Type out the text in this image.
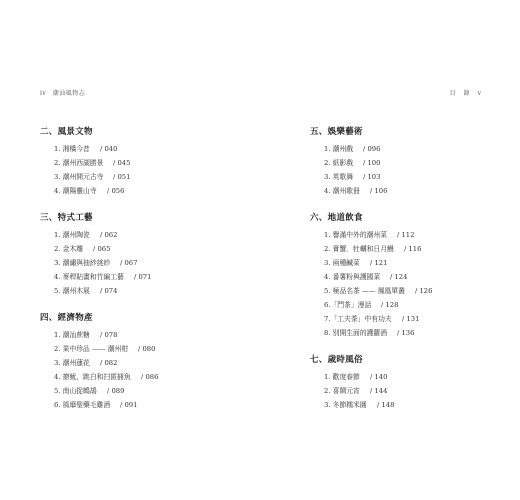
iv　潮汕風物志	目　錄　v
二、風景文物
1. 湘橋今昔 / 040
2. 潮州西湖勝景 / 045
3. 潮州開元古寺 / 051
4. 潮陽靈山寺 / 056
三、特式工藝
1. 潮州陶瓷 / 062
2. 金木雕 / 065
3. 潮繡與抽紗挑紗 / 067
4. 麥稈貼畫和竹編工藝 / 071
5. 潮州木展 / 074
四、經濟物產
1. 潮汕蔗糖 / 078
2. 果中珍品 —— 潮州柑 / 080
3. 潮州蓮花 / 082
4. 撩魷，跳白和扫匿捕魚 / 086
5. 南山捉鷓鴣 / 089
6. 風靡聖藥毛雞酒 / 091
五、娛樂藝術
1. 潮州戲 / 096
2. 紙影戲 / 100
3. 英歌舞 / 103
4. 潮州歌冊 / 106
六、地道飲食
1. 譽滿中外的潮州菜 / 112
2. 膏蟹．牡蠣和日月鰻 / 116
3. 兩種鹹菜 / 121
4. 番薯粉與護國菜 / 124
5. 極品名茶 —— 鳳凰單叢 / 126
6.「鬥茶」漫話 / 128
7.「工夫茶」中有功夫 / 131
8. 別開生面的護蘿酒 / 136
七、歲時風俗
1. 歡度春節 / 140
2. 喜鬧元宵 / 144
3. 冬節糯米圓 / 148
